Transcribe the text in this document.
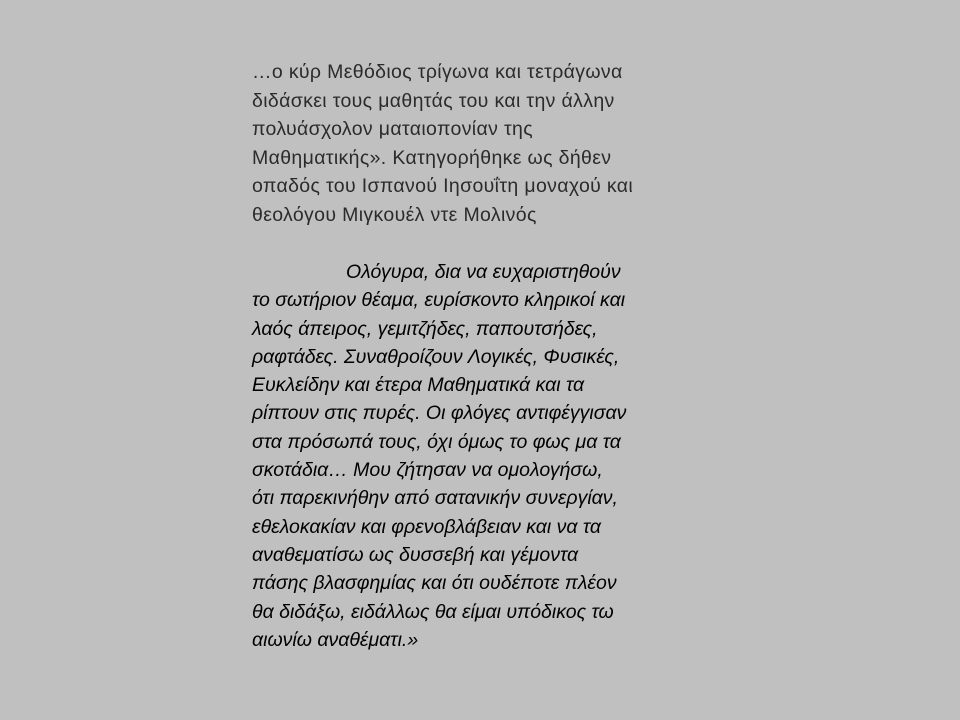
…ο κύρ Μεθόδιος τρίγωνα και τετράγωνα
διδάσκει τους μαθητάς του και την άλλην
πολυάσχολον ματαιοπονίαν της
Μαθηματικής». Κατηγορήθηκε ως δήθεν
οπαδός του Ισπανού Ιησουΐτη μοναχού και
θεολόγου Μιγκουέλ ντε Μολινός
Ολόγυρα, δια να ευχαριστηθούν
το σωτήριον θέαμα, ευρίσκοντο κληρικοί και
λαός άπειρος, γεμιτζήδες, παπουτσήδες,
ραφτάδες. Συναθροίζουν Λογικές, Φυσικές,
Ευκλείδην και έτερα Μαθηματικά και τα
ρίπτουν στις πυρές. Οι φλόγες αντιφέγγισαν
στα πρόσωπά τους, όχι όμως το φως μα τα
σκοτάδια… Μου ζήτησαν να ομολογήσω,
ότι παρεκινήθην από σατανικήν συνεργίαν,
εθελοκακίαν και φρενοβλάβειαν και να τα
αναθεματίσω ως δυσσεβή και γέμοντα
πάσης βλασφημίας και ότι ουδέποτε πλέον
θα διδάξω, ειδάλλως θα είμαι υπόδικος τω
αιωνίω αναθέματι.»
